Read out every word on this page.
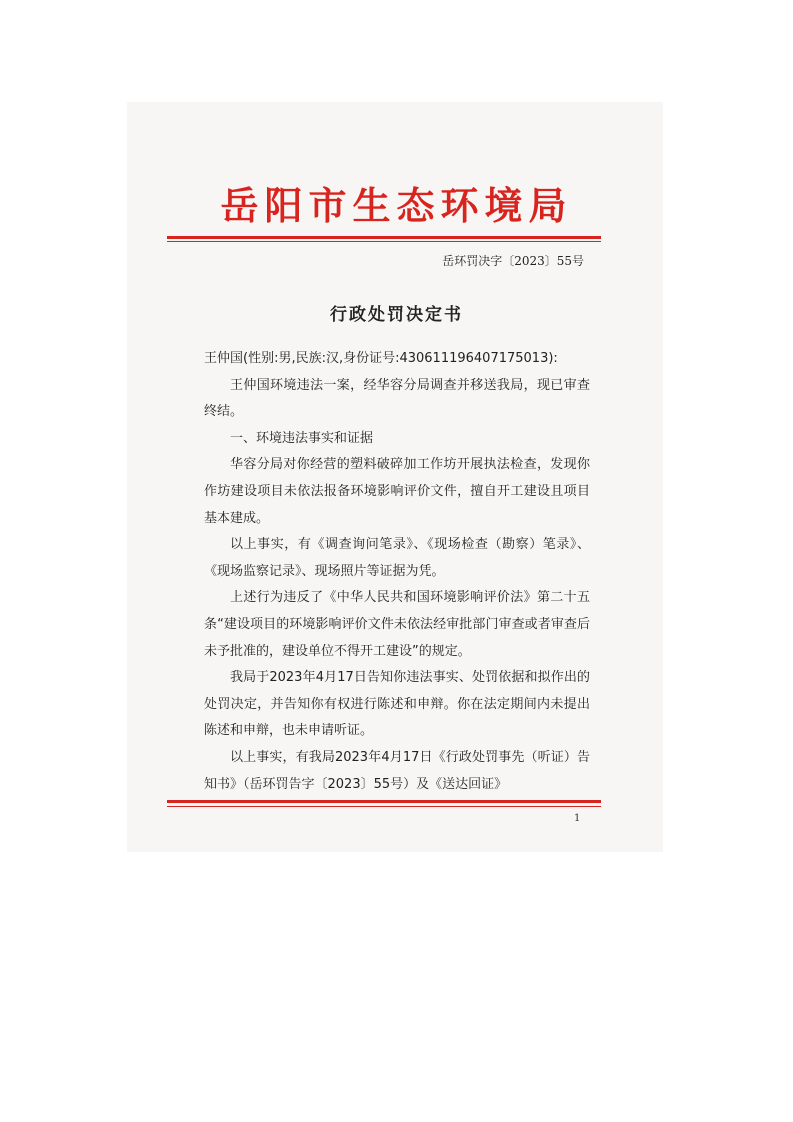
岳阳市生态环境局
岳环罚决字〔2023〕55号
行政处罚决定书

王仲国(性别:男,民族:汉,身份证号:430611196407175013):

王仲国环境违法一案，经华容分局调查并移送我局，现已审查终结。

一、环境违法事实和证据

华容分局对你经营的塑料破碎加工作坊开展执法检查，发现你作坊建设项目未依法报备环境影响评价文件，擅自开工建设且项目基本建成。

以上事实，有《调查询问笔录》、《现场检查（勘察）笔录》、《现场监察记录》、现场照片等证据为凭。

上述行为违反了《中华人民共和国环境影响评价法》第二十五条“建设项目的环境影响评价文件未依法经审批部门审查或者审查后未予批准的，建设单位不得开工建设”的规定。

我局于2023年4月17日告知你违法事实、处罚依据和拟作出的处罚决定，并告知你有权进行陈述和申辩。你在法定期间内未提出陈述和申辩，也未申请听证。

以上事实，有我局2023年4月17日《行政处罚事先（听证）告知书》（岳环罚告字〔2023〕55号）及《送达回证》

1
